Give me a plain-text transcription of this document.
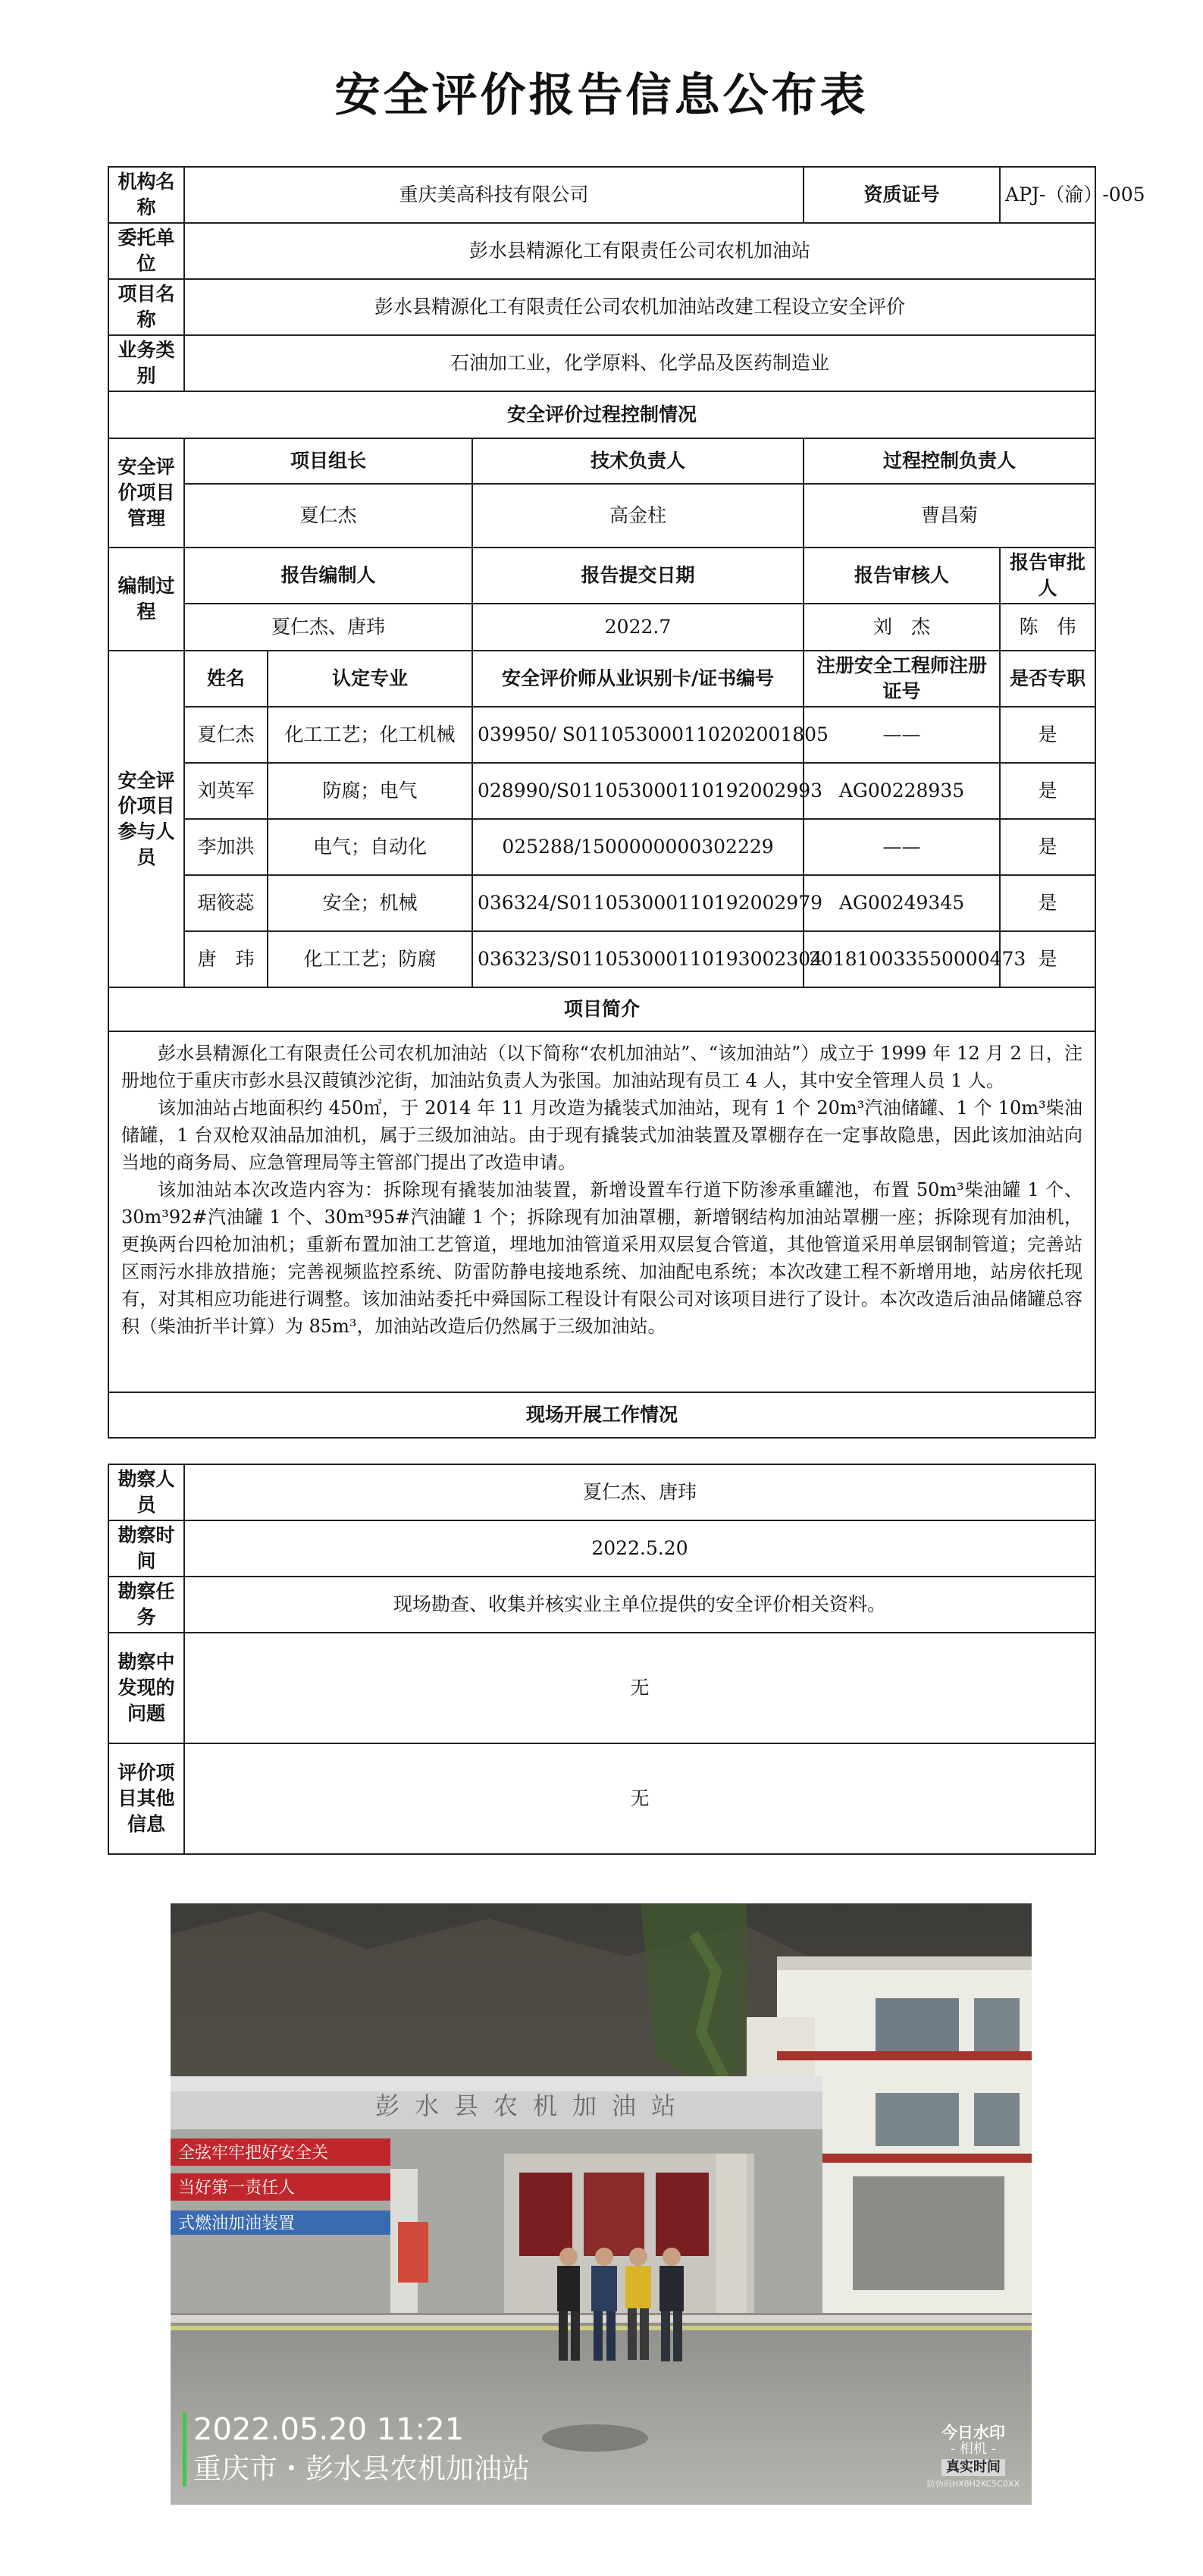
安全评价报告信息公布表
机构名称	重庆美高科技有限公司			资质证号	APJ-（渝）-005
委托单位	彭水县精源化工有限责任公司农机加油站				
项目名称	彭水县精源化工有限责任公司农机加油站改建工程设立安全评价				
业务类别	石油加工业，化学原料、化学品及医药制造业				
安全评价过程控制情况					
安全评价项目管理	项目组长		技术负责人	过程控制负责人	
	夏仁杰		高金柱	曹昌菊	
编制过程	报告编制人		报告提交日期	报告审核人	报告审批人
	夏仁杰、唐玮		2022.7	刘　杰	陈　伟
安全评价项目参与人员	姓名	认定专业	安全评价师从业识别卡/证书编号	注册安全工程师注册证号	是否专职
	夏仁杰	化工工艺；化工机械	039950/ S011053000110202001805	——	是
	刘英军	防腐；电气	028990/S011053000110192002993	AG00228935	是
	李加洪	电气；自动化	025288/1500000000302229	——	是
	琚筱蕊	安全；机械	036324/S011053000110192002979	AG00249345	是
	唐　玮	化工工艺；防腐	036323/S011053000110193002304	201810033550000473	是
项目简介					

彭水县精源化工有限责任公司农机加油站（以下简称“农机加油站”、“该加油站”）成立于 1999 年 12 月 2 日，注册地位于重庆市彭水县汉葭镇沙沱街，加油站负责人为张国。加油站现有员工 4 人，其中安全管理人员 1 人。

该加油站占地面积约 450㎡，于 2014 年 11 月改造为撬装式加油站，现有 1 个 20m³汽油储罐、1 个 10m³柴油储罐，1 台双枪双油品加油机，属于三级加油站。由于现有撬装式加油装置及罩棚存在一定事故隐患，因此该加油站向当地的商务局、应急管理局等主管部门提出了改造申请。

该加油站本次改造内容为：拆除现有撬装加油装置，新增设置车行道下防渗承重罐池，布置 50m³柴油罐 1 个、30m³92#汽油罐 1 个、30m³95#汽油罐 1 个；拆除现有加油罩棚，新增钢结构加油站罩棚一座；拆除现有加油机，更换两台四枪加油机；重新布置加油工艺管道，埋地加油管道采用双层复合管道，其他管道采用单层钢制管道；完善站区雨污水排放措施；完善视频监控系统、防雷防静电接地系统、加油配电系统；本次改建工程不新增用地，站房依托现有，对其相应功能进行调整。该加油站委托中舜国际工程设计有限公司对该项目进行了设计。本次改造后油品储罐总容积（柴油折半计算）为 85m³，加油站改造后仍然属于三级加油站。					

现场开展工作情况					
勘察人员	夏仁杰、唐玮
勘察时间	2022.5.20
勘察任务	现场勘查、收集并核实业主单位提供的安全评价相关资料。
勘察中发现的问题	无
评价项目其他信息	无
彭水县农机加油站
全弦牢牢把好安全关
当好第一责任人
式燃油加油装置
2022.05.20 11:21
重庆市・彭水县农机加油站
今日水印
- 相机 -
真实时间
防伪码HX8H2KC5C0XX
